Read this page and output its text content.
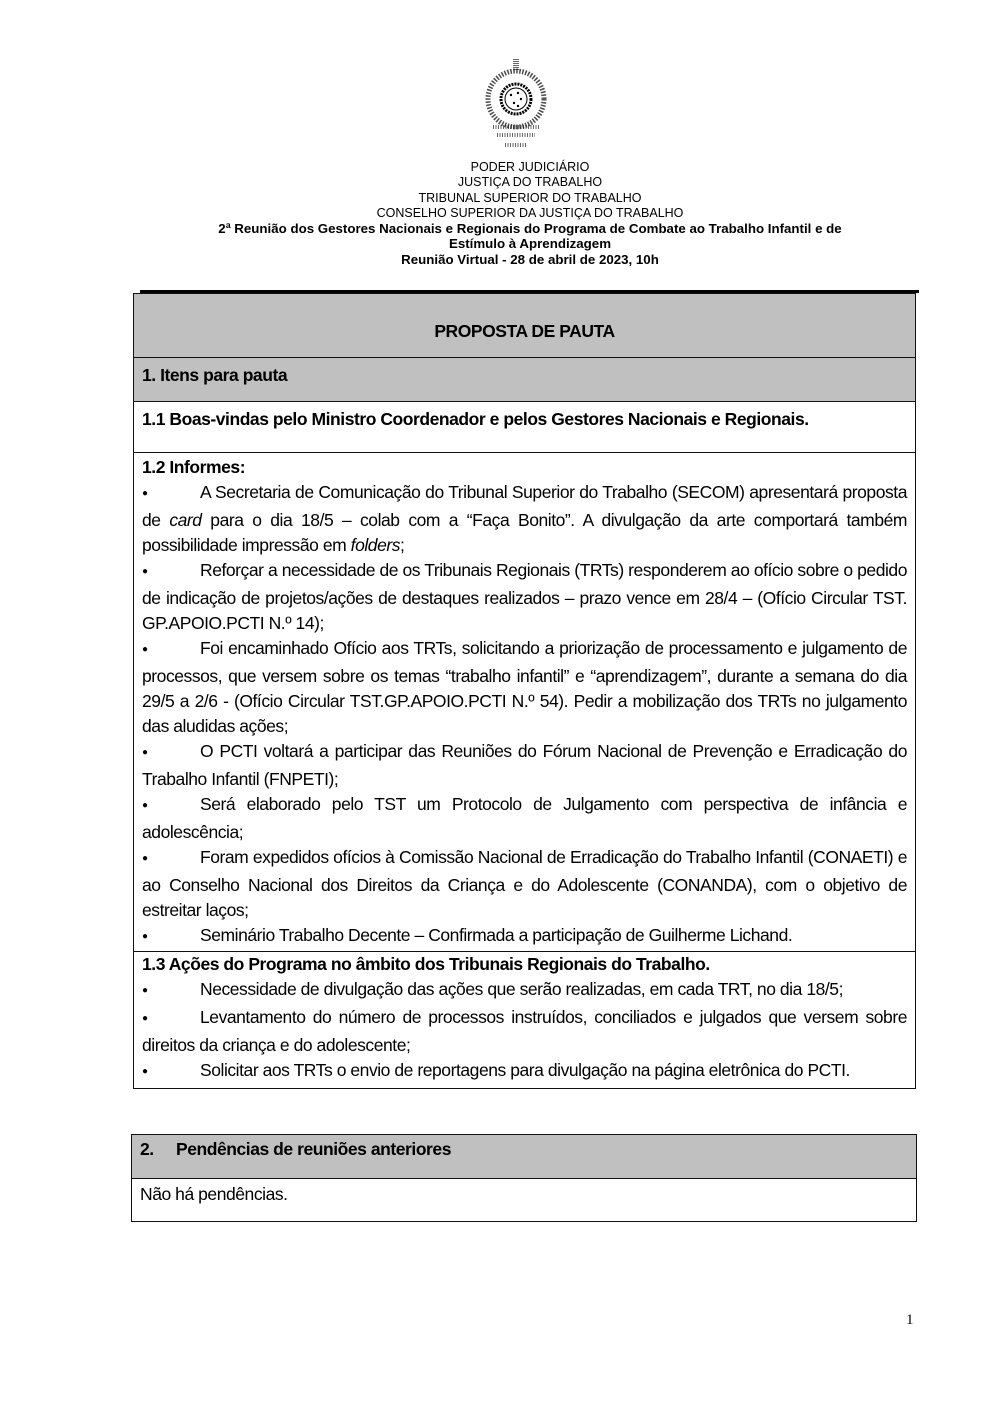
PODER JUDICIÁRIO
JUSTIÇA DO TRABALHO
TRIBUNAL SUPERIOR DO TRABALHO
CONSELHO SUPERIOR DA JUSTIÇA DO TRABALHO
2ª Reunião dos Gestores Nacionais e Regionais do Programa de Combate ao Trabalho Infantil e de
Estímulo à Aprendizagem
Reunião Virtual - 28 de abril de 2023, 10h
PROPOSTA DE PAUTA
1. Itens para pauta
1.1 Boas-vindas pelo Ministro Coordenador e pelos Gestores Nacionais e Regionais.
1.2 Informes:
●A Secretaria de Comunicação do Tribunal Superior do Trabalho (SECOM) apresentará proposta de card para o dia 18/5 – colab com a “Faça Bonito”. A divulgação da arte comportará também possibilidade impressão em folders;
●Reforçar a necessidade de os Tribunais Regionais (TRTs) responderem ao ofício sobre o pedido de indicação de projetos/ações de destaques realizados – prazo vence em 28/4 – (Ofício Circular TST. GP.APOIO.PCTI N.º 14);
●Foi encaminhado Ofício aos TRTs, solicitando a priorização de processamento e julgamento de processos, que versem sobre os temas “trabalho infantil” e “aprendizagem”, durante a semana do dia 29/5 a 2/6 - (Ofício Circular TST.GP.APOIO.PCTI N.º 54). Pedir a mobilização dos TRTs no julgamento das aludidas ações;
●O PCTI voltará a participar das Reuniões do Fórum Nacional de Prevenção e Erradicação do Trabalho Infantil (FNPETI);
●Será elaborado pelo TST um Protocolo de Julgamento com perspectiva de infância e adolescência;
●Foram expedidos ofícios à Comissão Nacional de Erradicação do Trabalho Infantil (CONAETI) e ao Conselho Nacional dos Direitos da Criança e do Adolescente (CONANDA), com o objetivo de estreitar laços;
●Seminário Trabalho Decente – Confirmada a participação de Guilherme Lichand.
1.3 Ações do Programa no âmbito dos Tribunais Regionais do Trabalho.
●Necessidade de divulgação das ações que serão realizadas, em cada TRT, no dia 18/5;
●Levantamento do número de processos instruídos, conciliados e julgados que versem sobre direitos da criança e do adolescente;
●Solicitar aos TRTs o envio de reportagens para divulgação na página eletrônica do PCTI.
2. Pendências de reuniões anteriores
Não há pendências.
1
